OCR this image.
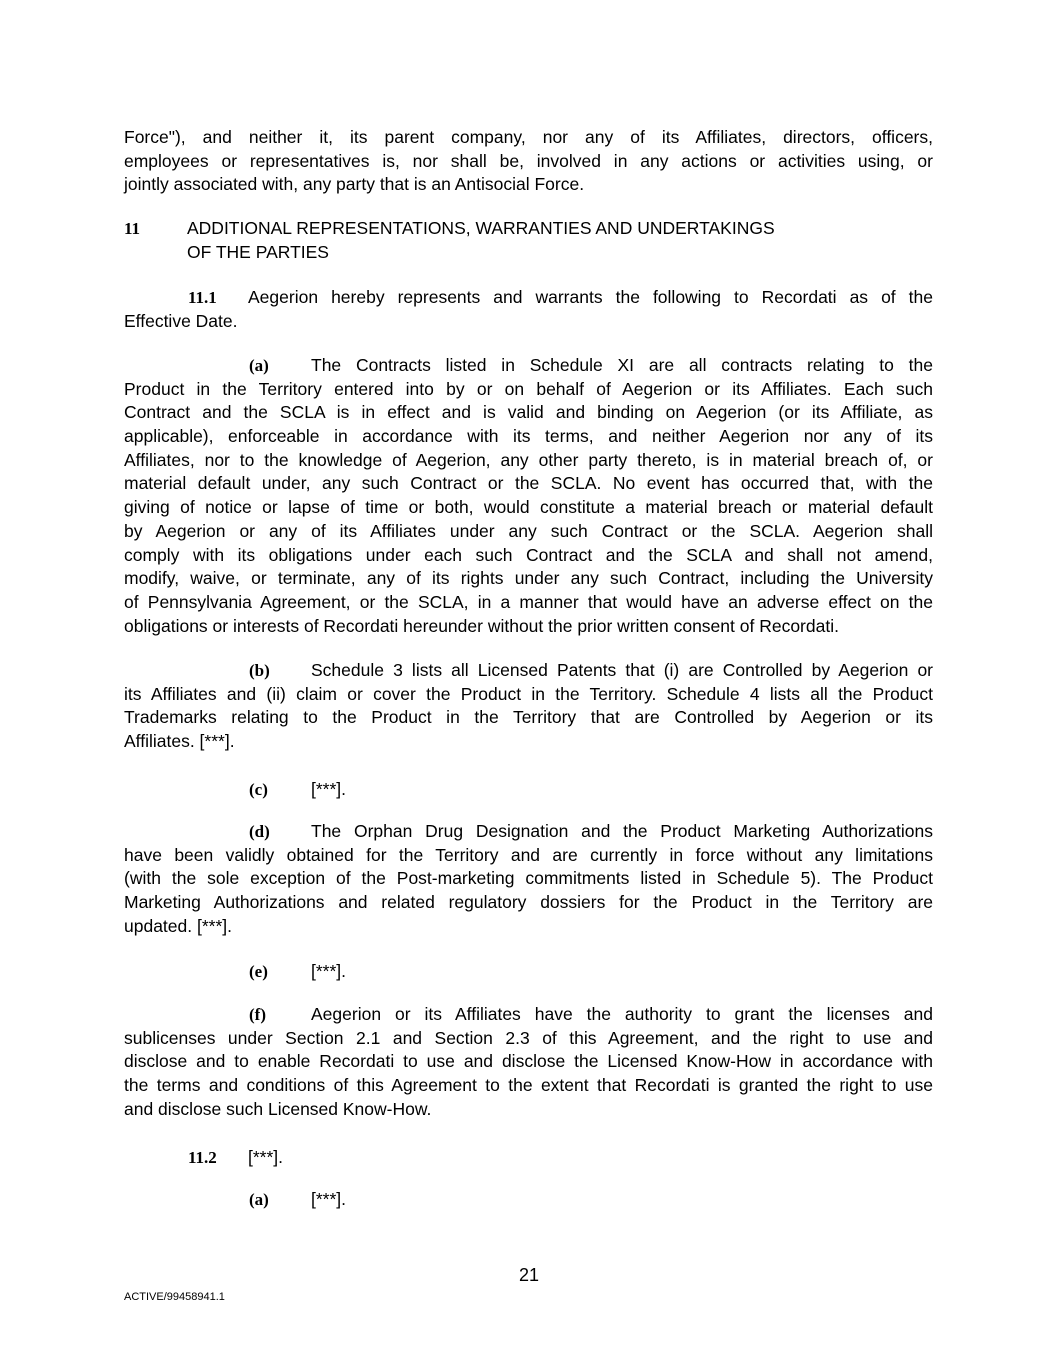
Force"), and neither it, its parent company, nor any of its Affiliates, directors, officers,
employees or representatives is, nor shall be, involved in any actions or activities using, or
jointly associated with, any party that is an Antisocial Force.
11.1 Aegerion hereby represents and warrants the following to Recordati as of the
Effective Date.
(a) The Contracts listed in Schedule XI are all contracts relating to the
Product in the Territory entered into by or on behalf of Aegerion or its Affiliates. Each such
Contract and the SCLA is in effect and is valid and binding on Aegerion (or its Affiliate, as
applicable), enforceable in accordance with its terms, and neither Aegerion nor any of its
Affiliates, nor to the knowledge of Aegerion, any other party thereto, is in material breach of, or
material default under, any such Contract or the SCLA. No event has occurred that, with the
giving of notice or lapse of time or both, would constitute a material breach or material default
by Aegerion or any of its Affiliates under any such Contract or the SCLA. Aegerion shall
comply with its obligations under each such Contract and the SCLA and shall not amend,
modify, waive, or terminate, any of its rights under any such Contract, including the University
of Pennsylvania Agreement, or the SCLA, in a manner that would have an adverse effect on the
obligations or interests of Recordati hereunder without the prior written consent of Recordati.
(b) Schedule 3 lists all Licensed Patents that (i) are Controlled by Aegerion or
its Affiliates and (ii) claim or cover the Product in the Territory. Schedule 4 lists all the Product
Trademarks relating to the Product in the Territory that are Controlled by Aegerion or its
Affiliates. [***].
(c) [***].
(d) The Orphan Drug Designation and the Product Marketing Authorizations
have been validly obtained for the Territory and are currently in force without any limitations
(with the sole exception of the Post-marketing commitments listed in Schedule 5). The Product
Marketing Authorizations and related regulatory dossiers for the Product in the Territory are
updated. [***].
(e) [***].
(f)	Aegerion or its Affiliates have the authority to grant the licenses and
sublicenses under Section 2.1 and Section 2.3 of this Agreement, and the right to use and
disclose and to enable Recordati to use and disclose the Licensed Know-How in accordance with
the terms and conditions of this Agreement to the extent that Recordati is granted the right to use
and disclose such Licensed Know-How.
11.2 [***].
(a) [***].
11	ADDITIONAL REPRESENTATIONS, WARRANTIES AND UNDERTAKINGS
OF THE PARTIES
21
ACTIVE/99458941.1
